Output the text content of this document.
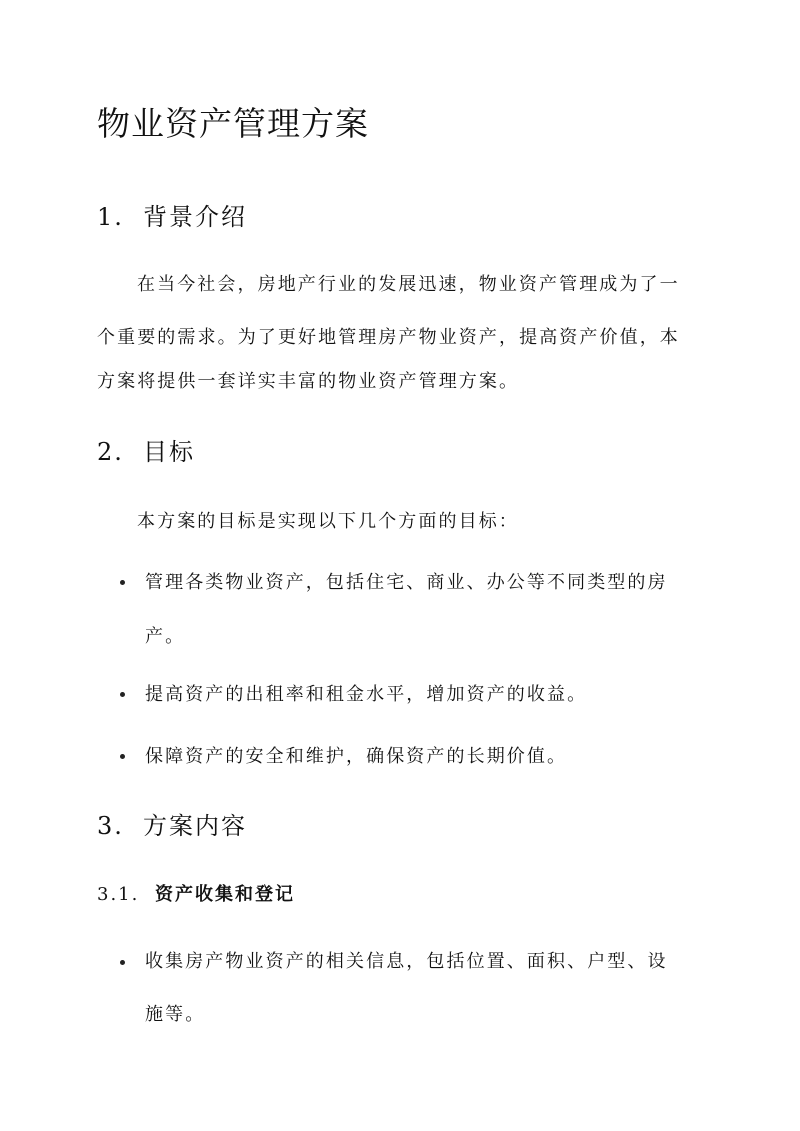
物业资产管理方案
1. 背景介绍
在当今社会，房地产行业的发展迅速，物业资产管理成为了一
个重要的需求。为了更好地管理房产物业资产，提高资产价值，本
方案将提供一套详实丰富的物业资产管理方案。
2. 目标
本方案的目标是实现以下几个方面的目标：
管理各类物业资产，包括住宅、商业、办公等不同类型的房
产。
提高资产的出租率和租金水平，增加资产的收益。
保障资产的安全和维护，确保资产的长期价值。
3. 方案内容
3.1. 资产收集和登记
收集房产物业资产的相关信息，包括位置、面积、户型、设
施等。
